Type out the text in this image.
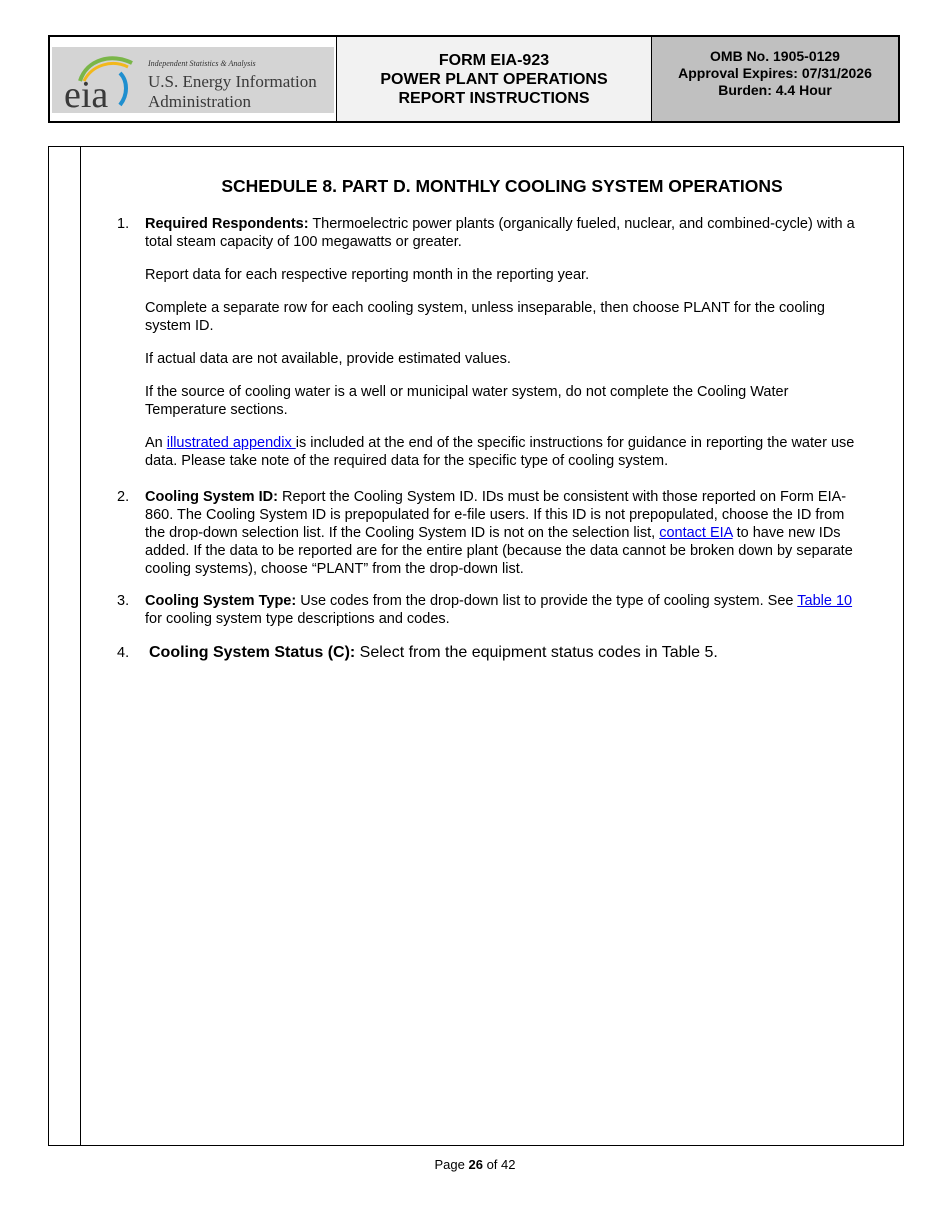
eia
Independent Statistics & Analysis
U.S. Energy Information
Administration
FORM EIA-923
POWER PLANT OPERATIONS
REPORT INSTRUCTIONS
OMB No. 1905-0129
Approval Expires: 07/31/2026
Burden: 4.4 Hour
SCHEDULE 8. PART D. MONTHLY COOLING SYSTEM OPERATIONS
1. Required Respondents: Thermoelectric power plants (organically fueled, nuclear, and combined-cycle) with a total steam capacity of 100 megawatts or greater.

Report data for each respective reporting month in the reporting year.

Complete a separate row for each cooling system, unless inseparable, then choose PLANT for the cooling system ID.

If actual data are not available, provide estimated values.

If the source of cooling water is a well or municipal water system, do not complete the Cooling Water Temperature sections.

An illustrated appendix is included at the end of the specific instructions for guidance in reporting the water use data. Please take note of the required data for the specific type of cooling system.

2. Cooling System ID: Report the Cooling System ID. IDs must be consistent with those reported on Form EIA-860. The Cooling System ID is prepopulated for e-file users. If this ID is not prepopulated, choose the ID from the drop-down selection list. If the Cooling System ID is not on the selection list, contact EIA to have new IDs added. If the data to be reported are for the entire plant (because the data cannot be broken down by separate cooling systems), choose “PLANT” from the drop-down list.

3. Cooling System Type: Use codes from the drop-down list to provide the type of cooling system. See Table 10 for cooling system type descriptions and codes.

4. Cooling System Status (C): Select from the equipment status codes in Table 5.

Page 26 of 42
